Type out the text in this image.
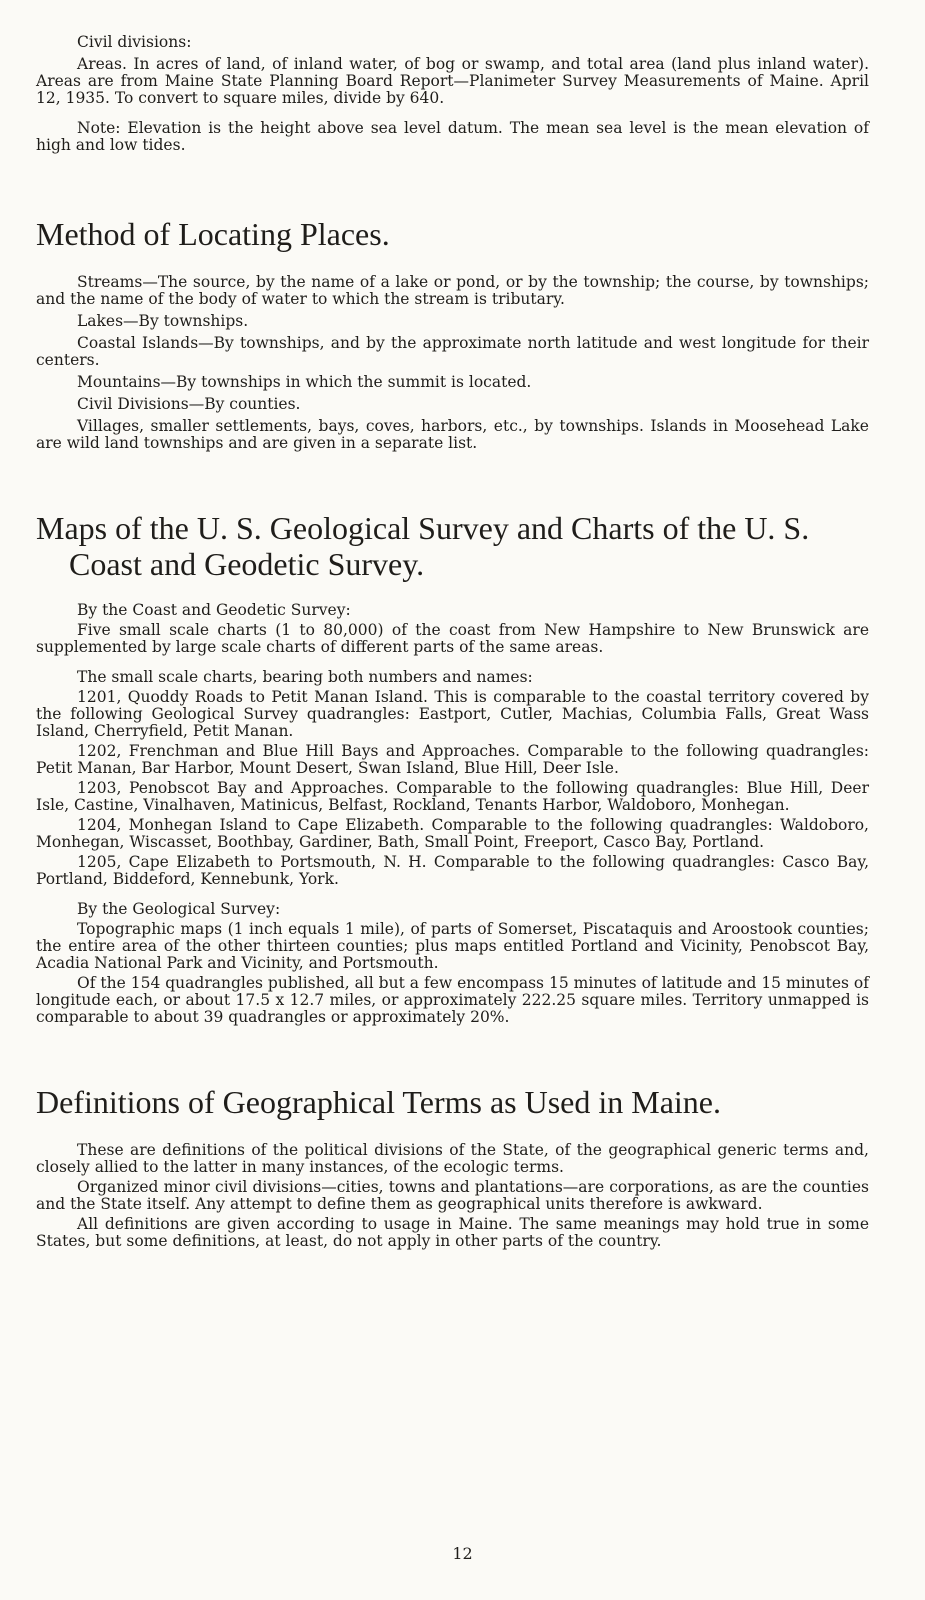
Civil divisions:

Areas. In acres of land, of inland water, of bog or swamp, and total area (land plus inland water). Areas are from Maine State Planning Board Report—Planimeter Survey Measurements of Maine. April 12, 1935. To convert to square miles, divide by 640.

Note: Elevation is the height above sea level datum. The mean sea level is the mean elevation of high and low tides.

Method of Locating Places.

Streams—The source, by the name of a lake or pond, or by the township; the course, by townships; and the name of the body of water to which the stream is tributary.

Lakes—By townships.

Coastal Islands—By townships, and by the approximate north latitude and west longitude for their centers.

Mountains—By townships in which the summit is located.

Civil Divisions—By counties.

Villages, smaller settlements, bays, coves, harbors, etc., by townships. Islands in Moosehead Lake are wild land townships and are given in a separate list.

Maps of the U. S. Geological Survey and Charts of the U. S. Coast and Geodetic Survey.

By the Coast and Geodetic Survey:

Five small scale charts (1 to 80,000) of the coast from New Hampshire to New Brunswick are supplemented by large scale charts of different parts of the same areas.

The small scale charts, bearing both numbers and names:

1201, Quoddy Roads to Petit Manan Island. This is comparable to the coastal territory covered by the following Geological Survey quadrangles: Eastport, Cutler, Machias, Columbia Falls, Great Wass Island, Cherryfield, Petit Manan.

1202, Frenchman and Blue Hill Bays and Approaches. Comparable to the following quadrangles: Petit Manan, Bar Harbor, Mount Desert, Swan Island, Blue Hill, Deer Isle.

1203, Penobscot Bay and Approaches. Comparable to the following quadrangles: Blue Hill, Deer Isle, Castine, Vinalhaven, Matinicus, Belfast, Rockland, Tenants Harbor, Waldoboro, Monhegan.

1204, Monhegan Island to Cape Elizabeth. Comparable to the following quadrangles: Waldoboro, Monhegan, Wiscasset, Boothbay, Gardiner, Bath, Small Point, Freeport, Casco Bay, Portland.

1205, Cape Elizabeth to Portsmouth, N. H. Comparable to the following quadrangles: Casco Bay, Portland, Biddeford, Kennebunk, York.

By the Geological Survey:

Topographic maps (1 inch equals 1 mile), of parts of Somerset, Piscataquis and Aroostook counties; the entire area of the other thirteen counties; plus maps entitled Portland and Vicinity, Penobscot Bay, Acadia National Park and Vicinity, and Portsmouth.

Of the 154 quadrangles published, all but a few encompass 15 minutes of latitude and 15 minutes of longitude each, or about 17.5 x 12.7 miles, or approximately 222.25 square miles. Territory unmapped is comparable to about 39 quadrangles or approximately 20%.

Definitions of Geographical Terms as Used in Maine.

These are definitions of the political divisions of the State, of the geographical generic terms and, closely allied to the latter in many instances, of the ecologic terms.

Organized minor civil divisions—cities, towns and plantations—are corporations, as are the counties and the State itself. Any attempt to define them as geographical units therefore is awkward.

All definitions are given according to usage in Maine. The same meanings may hold true in some States, but some definitions, at least, do not apply in other parts of the country.

12
